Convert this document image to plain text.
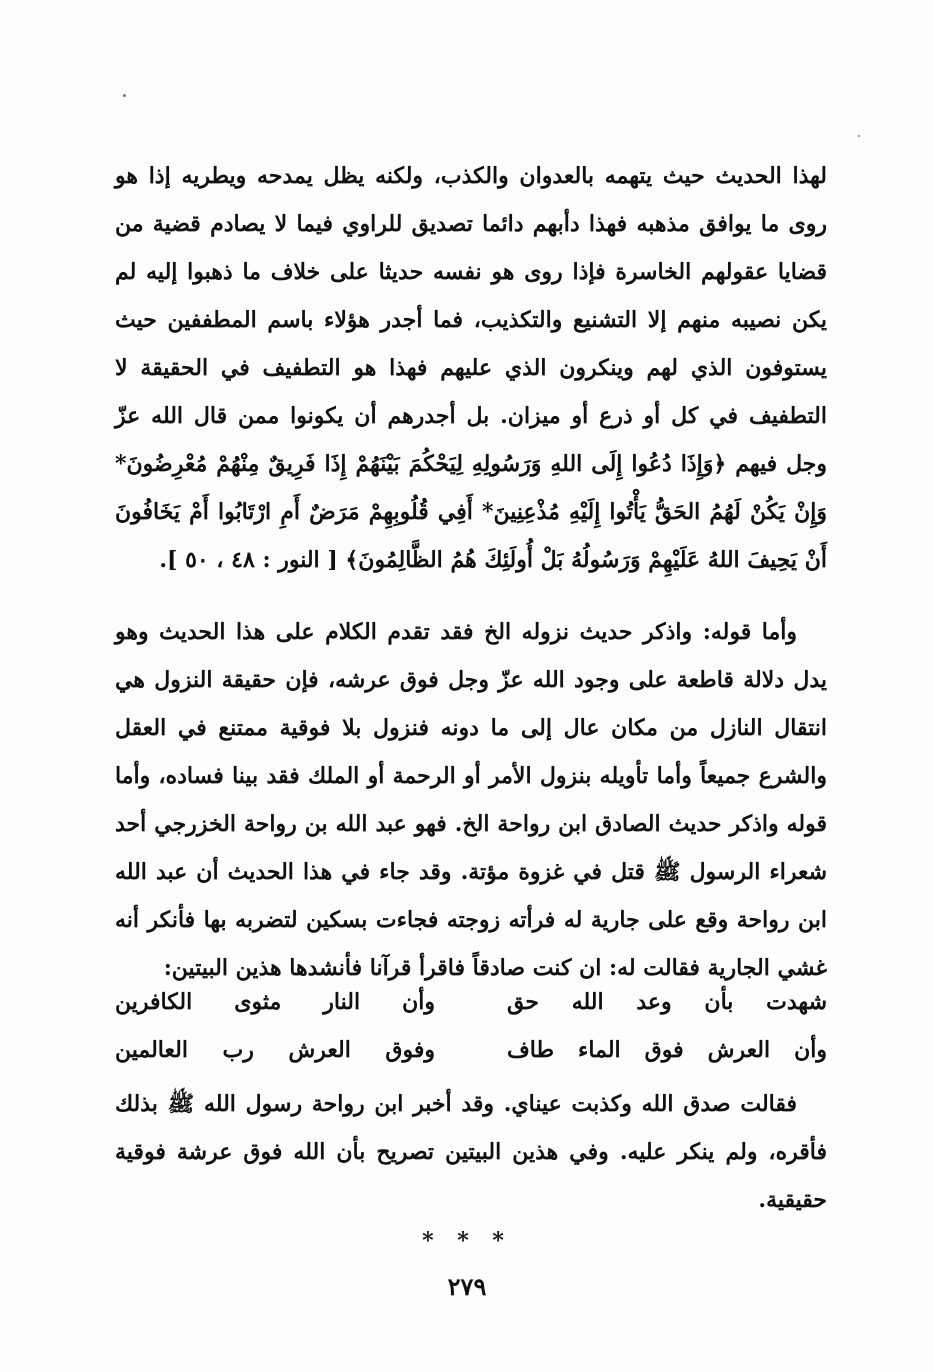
لهذا الحديث حيث يتهمه بالعدوان والكذب، ولكنه يظل يمدحه ويطريه إذا هو روى ما يوافق مذهبه فهذا دأبهم دائما تصديق للراوي فيما لا يصادم قضية من قضايا عقولهم الخاسرة فإذا روى هو نفسه حديثا على خلاف ما ذهبوا إليه لم يكن نصيبه منهم إلا التشنيع والتكذيب، فما أجدر هؤلاء باسم المطففين حيث يستوفون الذي لهم وينكرون الذي عليهم فهذا هو التطفيف في الحقيقة لا التطفيف في كل أو ذرع أو ميزان. بل أجدرهم أن يكونوا ممن قال الله عزّ وجل فيهم ﴿وَإِذَا دُعُوا إِلَى اللهِ وَرَسُولِهِ لِيَحْكُمَ بَيْنَهُمْ إِذَا فَرِيقٌ مِنْهُمْ مُعْرِضُونَ* وَإِنْ يَكُنْ لَهُمُ الحَقُّ يَأْتُوا إِلَيْهِ مُذْعِنِينَ* أَفِي قُلُوبِهِمْ مَرَضٌ أَمِ ارْتَابُوا أَمْ يَخَافُونَ أَنْ يَحِيفَ اللهُ عَلَيْهِمْ وَرَسُولُهُ بَلْ أُولَئِكَ هُمُ الظَّالِمُونَ﴾ [ النور : ٤٨ ، ٥٠ ].

وأما قوله: واذكر حديث نزوله الخ فقد تقدم الكلام على هذا الحديث وهو يدل دلالة قاطعة على وجود الله عزّ وجل فوق عرشه، فإن حقيقة النزول هي انتقال النازل من مكان عال إلى ما دونه فنزول بلا فوقية ممتنع في العقل والشرع جميعاً وأما تأويله بنزول الأمر أو الرحمة أو الملك فقد بينا فساده، وأما قوله واذكر حديث الصادق ابن رواحة الخ. فهو عبد الله بن رواحة الخزرجي أحد شعراء الرسول ﷺ قتل في غزوة مؤتة. وقد جاء في هذا الحديث أن عبد الله ابن رواحة وقع على جارية له فرأته زوجته فجاءت بسكين لتضربه بها فأنكر أنه غشي الجارية فقالت له: ان كنت صادقاً فاقرأ قرآنا فأنشدها هذين البيتين:

شهدت بأن وعد الله حق
وأن النار مثوى الكافرين
وأن العرش فوق الماء طاف
وفوق العرش رب العالمين

فقالت صدق الله وكذبت عيناي. وقد أخبر ابن رواحة رسول الله ﷺ بذلك فأقره، ولم ينكر عليه. وفي هذين البيتين تصريح بأن الله فوق عرشة فوقية حقيقية.

* * *
٢٧٩
